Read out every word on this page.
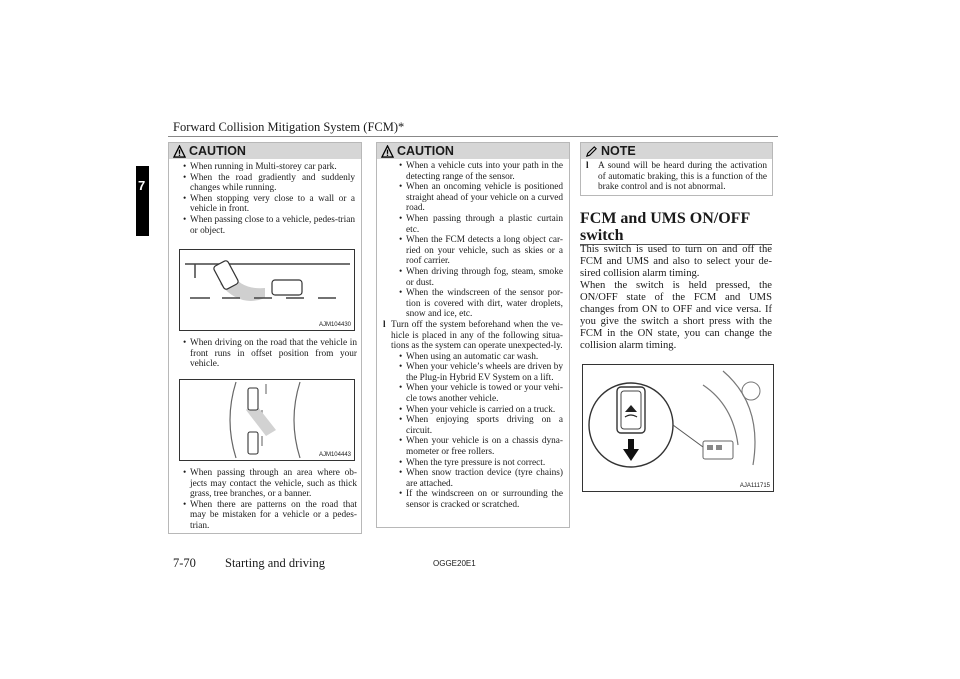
Forward Collision Mitigation System (FCM)*
7
CAUTION
• When running in Multi-storey car park.
• When the road gradiently and suddenly changes while running.
• When stopping very close to a wall or a vehicle in front.
• When passing close to a vehicle, pedes-trian or object.
AJM104430
• When driving on the road that the vehicle in front runs in offset position from your vehicle.
AJM104443
• When passing through an area where ob-jects may contact the vehicle, such as thick grass, tree branches, or a banner.
• When there are patterns on the road that may be mistaken for a vehicle or a pedes-trian.
CAUTION
• When a vehicle cuts into your path in the detecting range of the sensor.
• When an oncoming vehicle is positioned straight ahead of your vehicle on a curved road.
• When passing through a plastic curtain etc.
• When the FCM detects a long object car-ried on your vehicle, such as skies or a roof carrier.
• When driving through fog, steam, smoke or dust.
• When the windscreen of the sensor por-tion is covered with dirt, water droplets, snow and ice, etc.
l Turn off the system beforehand when the ve-hicle is placed in any of the following situa-tions as the system can operate unexpected-ly.
• When using an automatic car wash.
• When your vehicle’s wheels are driven by the Plug-in Hybrid EV System on a lift.
• When your vehicle is towed or your vehi-cle tows another vehicle.
• When your vehicle is carried on a truck.
• When enjoying sports driving on a circuit.
• When your vehicle is on a chassis dyna-mometer or free rollers.
• When the tyre pressure is not correct.
• When snow traction device (tyre chains) are attached.
• If the windscreen on or surrounding the sensor is cracked or scratched.
NOTE
l A sound will be heard during the activation of automatic braking, this is a function of the brake control and is not abnormal.
FCM and UMS ON/OFF switch

This switch is used to turn on and off the FCM and UMS and also to select your de-sired collision alarm timing.

When the switch is held pressed, the ON/OFF state of the FCM and UMS changes from ON to OFF and vice versa. If you give the switch a short press with the FCM in the ON state, you can change the collision alarm timing.

AJA111715
7-70 Starting and driving	OGGE20E1
